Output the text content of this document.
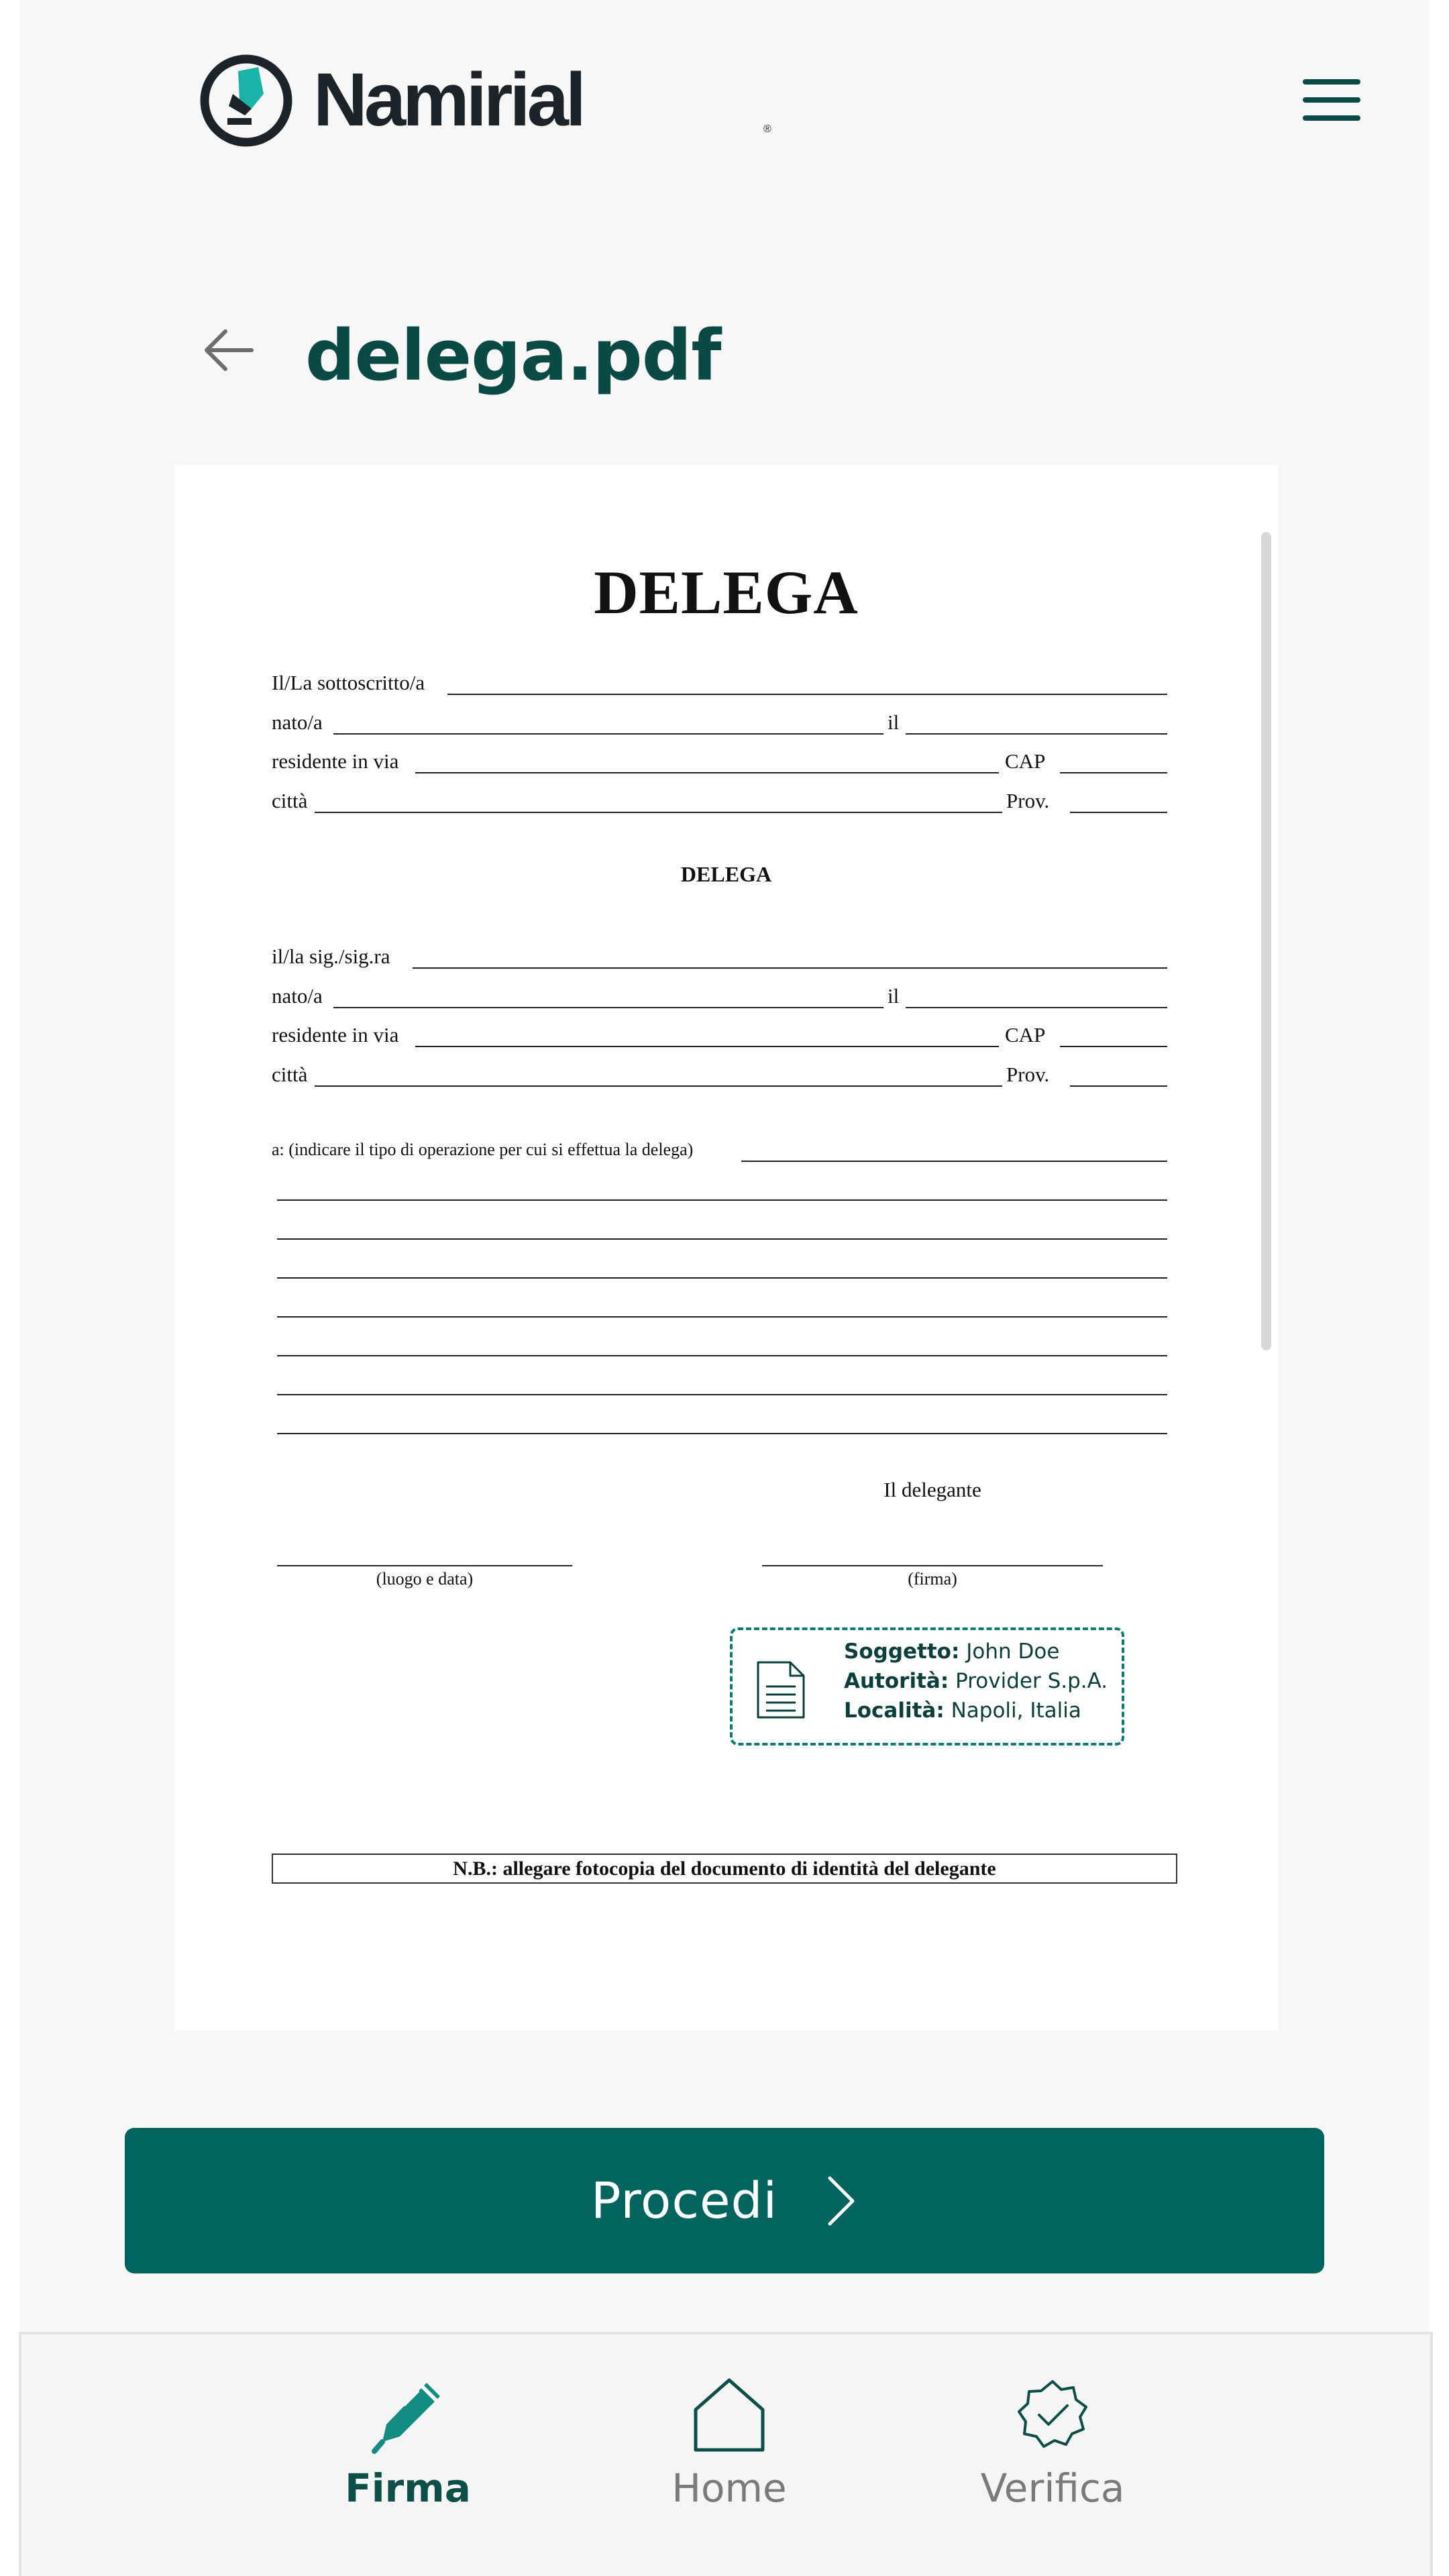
Namirial	®
delega.pdf
DELEGA
Il/La sottoscritto/a
nato/a	il
residente in via	CAP
città	Prov.
DELEGA
il/la sig./sig.ra
nato/a	il
residente in via	CAP
città	Prov.
a: (indicare il tipo di operazione per cui si effettua la delega)
Il delegante
(luogo e data)	(firma)
Soggetto: John Doe
Autorità: Provider S.p.A.
Località: Napoli, Italia
N.B.: allegare fotocopia del documento di identità del delegante
Procedi
Firma	Home	Verifica
